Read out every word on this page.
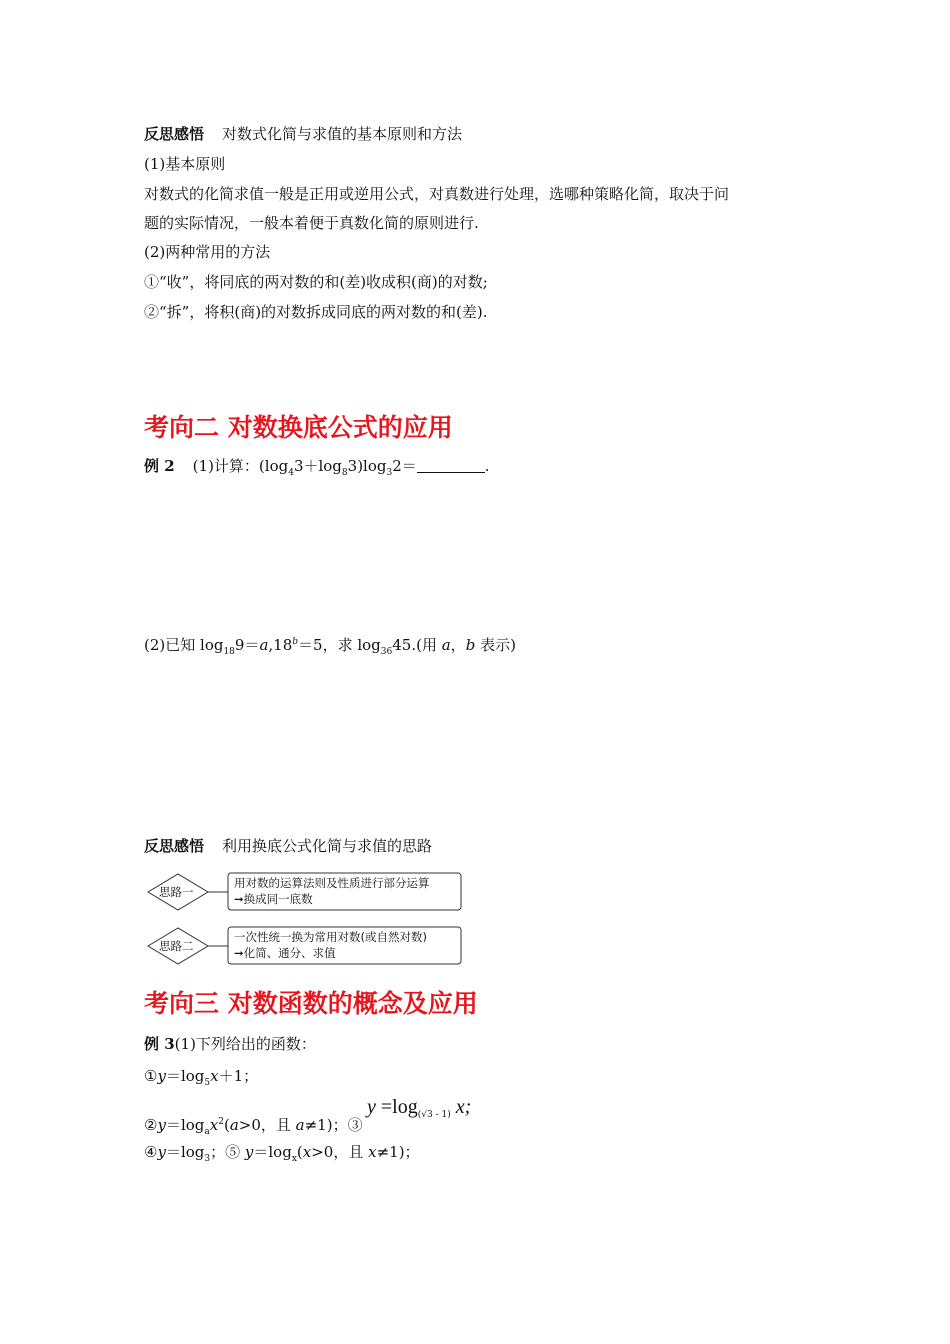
反思感悟 对数式化简与求值的基本原则和方法
(1)基本原则
对数式的化简求值一般是正用或逆用公式，对真数进行处理，选哪种策略化简，取决于问
题的实际情况，一般本着便于真数化简的原则进行.
(2)两种常用的方法
①“收”，将同底的两对数的和(差)收成积(商)的对数;
②“拆”，将积(商)的对数拆成同底的两对数的和(差).
考向二 对数换底公式的应用
例 2 (1)计算：$(\log_43+\log_83)\log_32=$	.
(2)已知 $\log_{18}9=a,18^b=5$，求 $\log_{36}45$.(用 a，b 表示)
反思感悟 利用换底公式化简与求值的思路
思路一
用对数的运算法则及性质进行部分运算
➞换成同一底数
思路二
一次性统一换为常用对数(或自然对数)
➞化简、通分、求值
考向三 对数函数的概念及应用
例 3(1)下列给出的函数：
$①y=\log_5x+1$；
$②y=\log_ax^2(a>0$，且 a≠1)；③
$y =\log_{(√3 - 1)}$ x;
$④y=\log_3$；⑤ $y=\log_x(x>0$，且 x≠1)；
